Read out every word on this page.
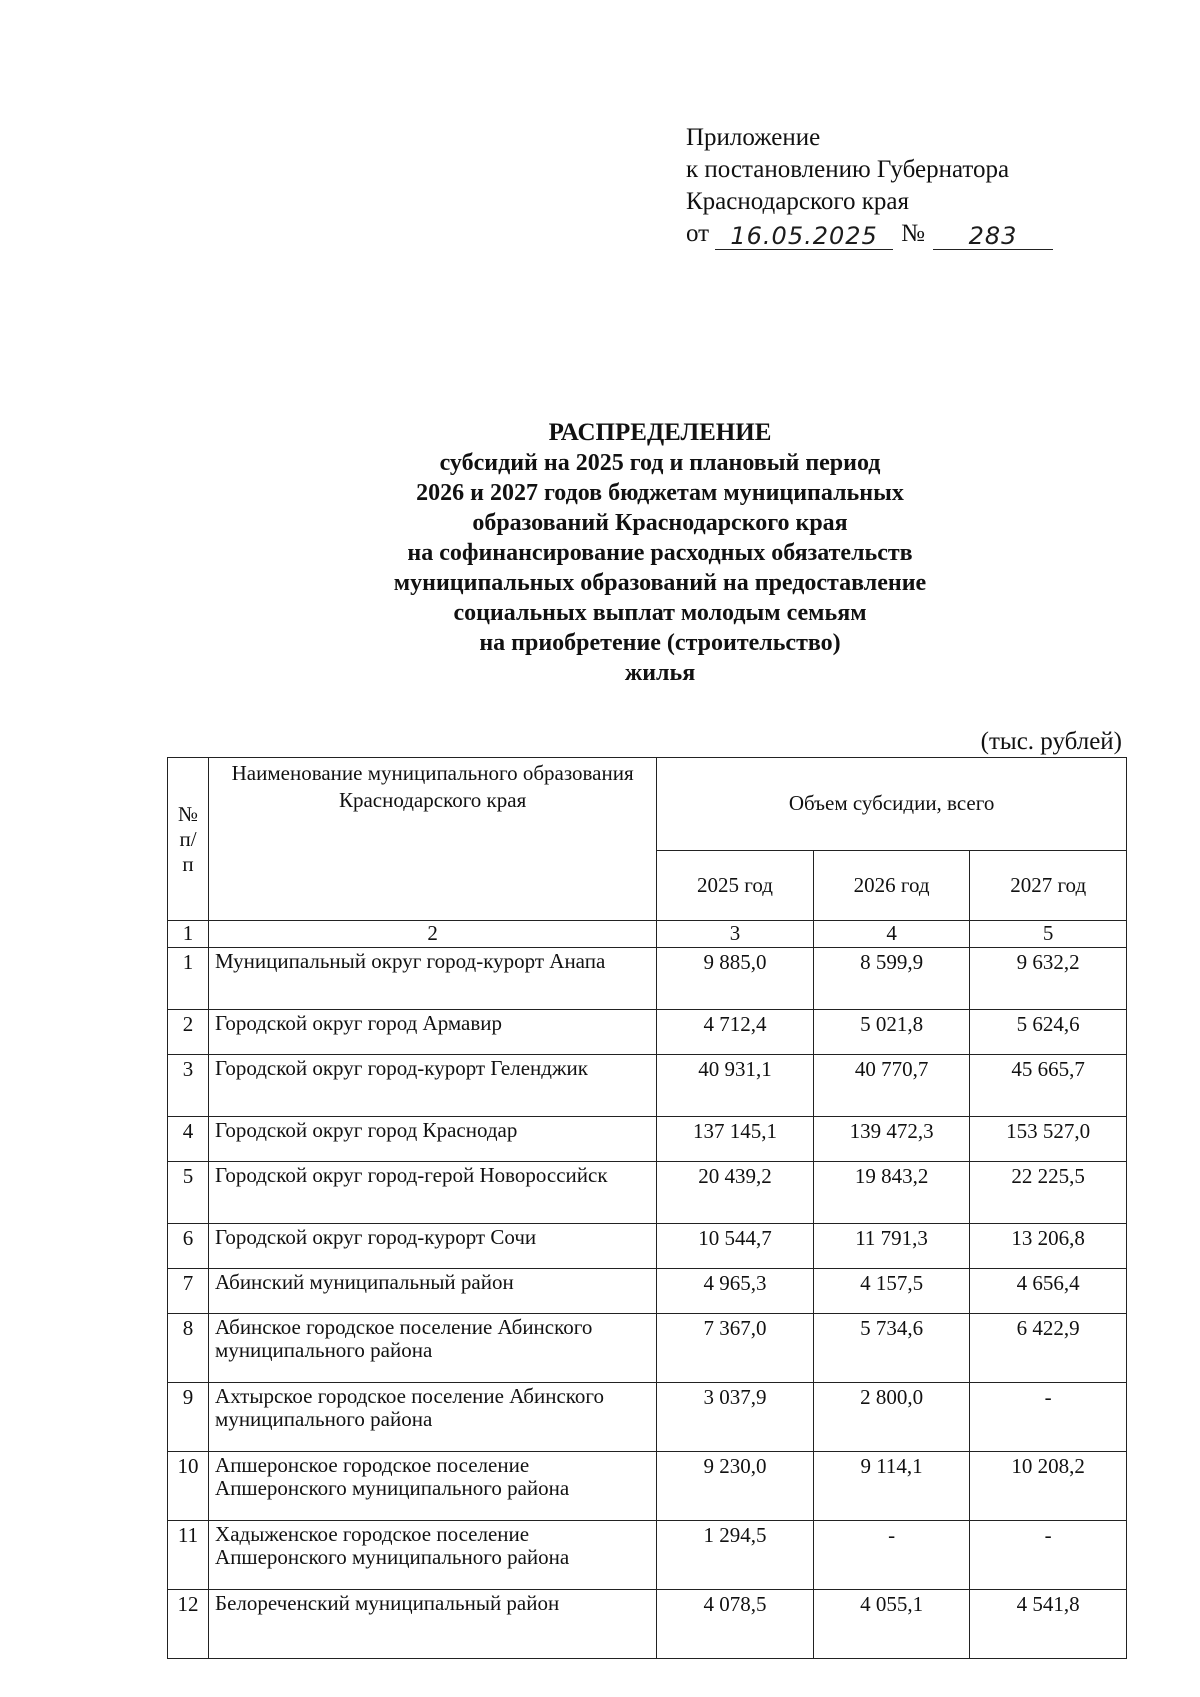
Приложение
к постановлению Губернатора
Краснодарского края
от 16.05.2025 №	283
РАСПРЕДЕЛЕНИЕ
субсидий на 2025 год и плановый период
2026 и 2027 годов бюджетам муниципальных
образований Краснодарского края
на софинансирование расходных обязательств
муниципальных образований на предоставление
социальных выплат молодым семьям
на приобретение (строительство)
жилья
(тыс. рублей)
№ п/п	Наименование муниципального образования Краснодарского края	Объем субсидии, всего		
		2025 год	2026 год	2027 год
1	2	3	4	5
1	Муниципальный округ город-курорт Анапа	9 885,0	8 599,9	9 632,2
2	Городской округ город Армавир	4 712,4	5 021,8	5 624,6
3	Городской округ город-курорт Геленджик	40 931,1	40 770,7	45 665,7
4	Городской округ город Краснодар	137 145,1	139 472,3	153 527,0
5	Городской округ город-герой Новороссийск	20 439,2	19 843,2	22 225,5
6	Городской округ город-курорт Сочи	10 544,7	11 791,3	13 206,8
7	Абинский муниципальный район	4 965,3	4 157,5	4 656,4
8	Абинское городское поселение Абинского муниципального района	7 367,0	5 734,6	6 422,9
9	Ахтырское городское поселение Абинского муниципального района	3 037,9	2 800,0	-
10	Апшеронское городское поселение Апшеронского муниципального района	9 230,0	9 114,1	10 208,2
11	Хадыженское городское поселение Апшеронского муниципального района	1 294,5	-	-
12	Белореченский муниципальный район	4 078,5	4 055,1	4 541,8
